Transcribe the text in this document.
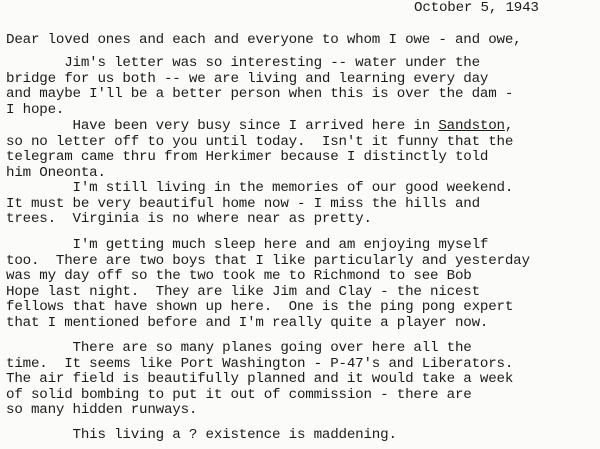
October 5, 1943
Dear loved ones and each and everyone to whom I owe - and owe,
Jim's letter was so interesting -- water under the
bridge for us both -- we are living and learning every day
and maybe I'll be a better person when this is over the dam -
I hope.
Have been very busy since I arrived here in Sandston,
so no letter off to you until today.  Isn't it funny that the
telegram came thru from Herkimer because I distinctly told
him Oneonta.
I'm still living in the memories of our good weekend.
It must be very beautiful home now - I miss the hills and
trees.  Virginia is no where near as pretty.
I'm getting much sleep here and am enjoying myself
too.  There are two boys that I like particularly and yesterday
was my day off so the two took me to Richmond to see Bob
Hope last night.  They are like Jim and Clay - the nicest
fellows that have shown up here.  One is the ping pong expert
that I mentioned before and I'm really quite a player now.
There are so many planes going over here all the
time.  It seems like Port Washington - P-47's and Liberators.
The air field is beautifully planned and it would take a week
of solid bombing to put it out of commission - there are
so many hidden runways.
This living a ? existence is maddening.
